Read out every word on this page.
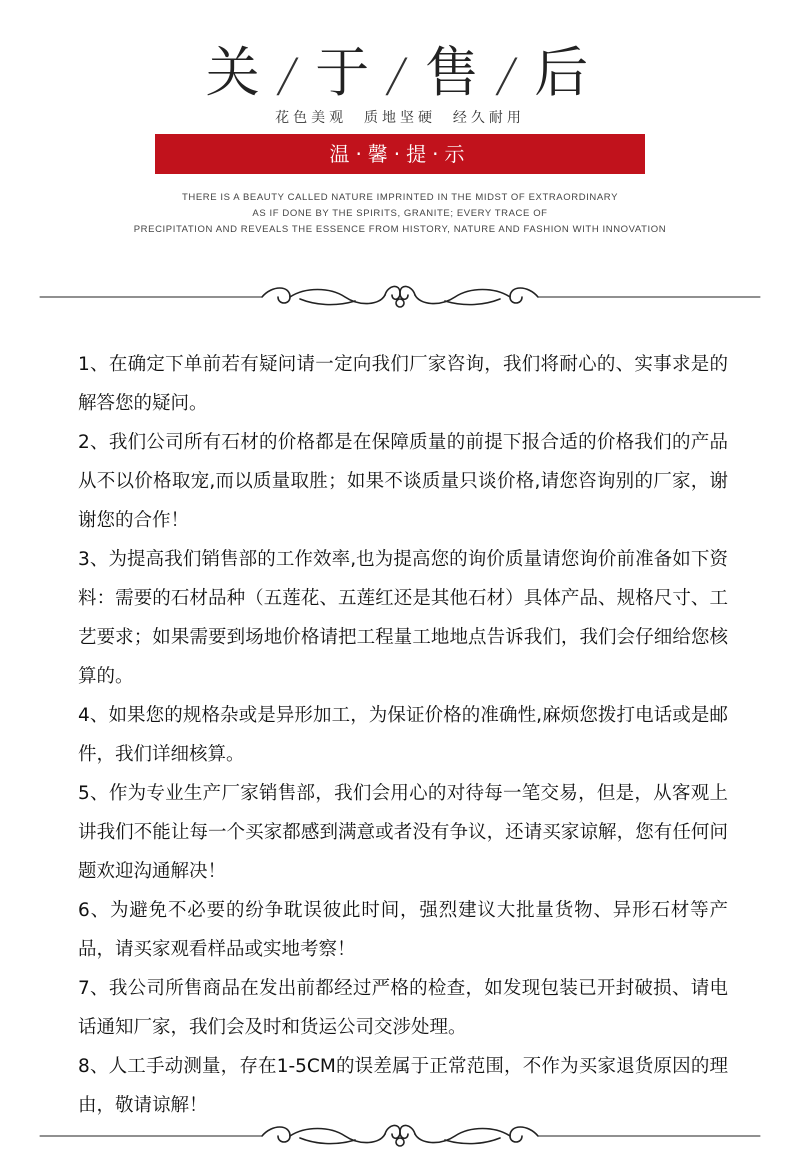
关 / 于 / 售 / 后
花色美观  质地坚硬  经久耐用
温·馨·提·示
THERE IS A BEAUTY CALLED NATURE IMPRINTED IN THE MIDST OF EXTRAORDINARY
AS IF DONE BY THE SPIRITS, GRANITE; EVERY TRACE OF
PRECIPITATION AND REVEALS THE ESSENCE FROM HISTORY, NATURE AND FASHION WITH INNOVATION
1、在确定下单前若有疑问请一定向我们厂家咨询，我们将耐心的、实事求是的解答您的疑问。
2、我们公司所有石材的价格都是在保障质量的前提下报合适的价格我们的产品从不以价格取宠,而以质量取胜；如果不谈质量只谈价格,请您咨询别的厂家，谢谢您的合作！
3、为提高我们销售部的工作效率,也为提高您的询价质量请您询价前准备如下资料：需要的石材品种（五莲花、五莲红还是其他石材）具体产品、规格尺寸、工艺要求；如果需要到场地价格请把工程量工地地点告诉我们，我们会仔细给您核算的。
4、如果您的规格杂或是异形加工，为保证价格的准确性,麻烦您拨打电话或是邮件，我们详细核算。
5、作为专业生产厂家销售部，我们会用心的对待每一笔交易，但是，从客观上讲我们不能让每一个买家都感到满意或者没有争议，还请买家谅解，您有任何问题欢迎沟通解决！
6、为避免不必要的纷争耽误彼此时间，强烈建议大批量货物、异形石材等产品，请买家观看样品或实地考察！
7、我公司所售商品在发出前都经过严格的检查，如发现包装已开封破损、请电话通知厂家，我们会及时和货运公司交涉处理。
8、人工手动测量，存在1-5CM的误差属于正常范围，不作为买家退货原因的理由，敬请谅解！
